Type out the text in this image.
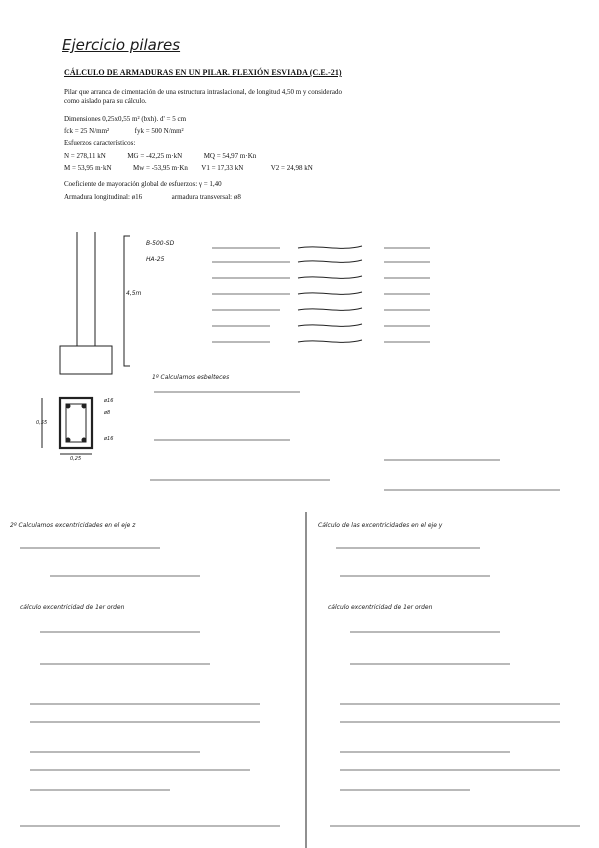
Ejercicio pilares
CÁLCULO DE ARMADURAS EN UN PILAR. FLEXIÓN ESVIADA (C.E.-21)
Pilar que arranca de cimentación de una estructura intraslacional, de longitud 4,50 m y considerado como aislado para su cálculo.
Dimensiones 0,25x0,55 m² (bxh). d' = 5 cm
fck = 25 N/mm²	fyk = 500 N/mm²
Esfuerzos característicos:
N = 278,11 kN	MG = -42,25 m·kN	MQ = 54,97 m·Kn
M = 53,95 m·kN	Mw = -53,95 m·Kn V1 = 17,33 kN	V2 = 24,98 kN
Coeficiente de mayoración global de esfuerzos: γ = 1,40
Armadura longitudinal: ø16	armadura transversal: ø8
B-500-SD
HA-25
4,5m
0,55
0,25
ø16
ø8
ø16
1º Calculamos esbelteces
2º Calculamos excentricidades en el eje z	Cálculo de las excentricidades en el eje y
cálculo excentricidad de 1er orden	cálculo excentricidad de 1er orden
